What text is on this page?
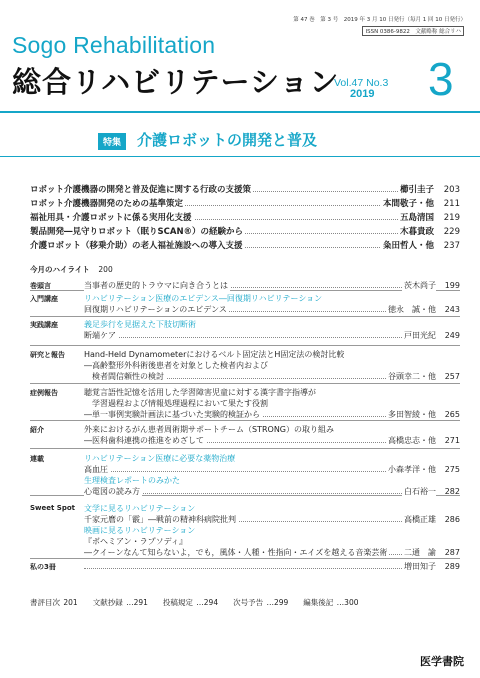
第 47 巻　第 3 号　2019 年 3 月 10 日発行（毎月 1 回 10 日発行）
ISSN 0386-9822　文献略称 総合リハ
Sogo Rehabilitation
総合リハビリテーション
Vol.47 No.3
2019 3
特集	介護ロボットの開発と普及
ロボット介護機器の開発と普及促進に関する行政の支援策	櫛引圭子	203
ロボット介護機器開発のための基準策定	本間敬子・他	211
福祉用具・介護ロボットに係る実用化支援	五島清国	219
製品開発―見守りロボット（眠りSCAN®）の経験から	木暮貴政	229
介護ロボット（移乗介助）の老人福祉施設への導入支援	粂田哲人・他	237
今月のハイライト 200
巻頭言	当事者の歴史的トラウマに向き合うとは	茨木尚子	199
入門講座	リハビリテーション医療のエビデンス―回復期リハビリテーション
回復期リハビリテーションのエビデンス	徳永　誠・他	243
実践講座	義足歩行を見据えた下肢切断術
断端ケア	戸田光紀	249
研究と報告 Hand-Held Dynamometerにおけるベルト固定法とH固定法の検討比較
―高齢整形外科術後患者を対象とした検者内および
　検者間信頼性の検討	谷頭幸二・他	257
症例報告	聴覚言語性記憶を活用した学習障害児童に対する漢字書字指導が
　学習過程および情報処理過程において果たす役割
―単一事例実験計画法に基づいた実験的検証から	多田智綾・他	265
紹介	外来におけるがん患者周術期サポートチーム（STRONG）の取り組み
―医科歯科連携の推進をめざして	高橋忠志・他	271
連載	リハビリテーション医療に必要な薬物治療
高血圧	小森孝洋・他	275
生理検査レポートのみかた
心電図の読み方	白石裕一	282
Sweet Spot 文学に見るリハビリテーション
千家元麿の「霰」―戦前の精神科病院批判	高橋正雄	286
映画に見るリハビリテーション
『ボヘミアン・ラプソディ』
―クイーンなんて知らないよ，でも，風体・人種・性指向・エイズを越える音楽芸術 二通　諭	287
私の3冊	増田知子	289
書評目次 201　　文献抄録 …291　　投稿規定 …294　　次号予告 …299　　編集後記 …300
医学書院
